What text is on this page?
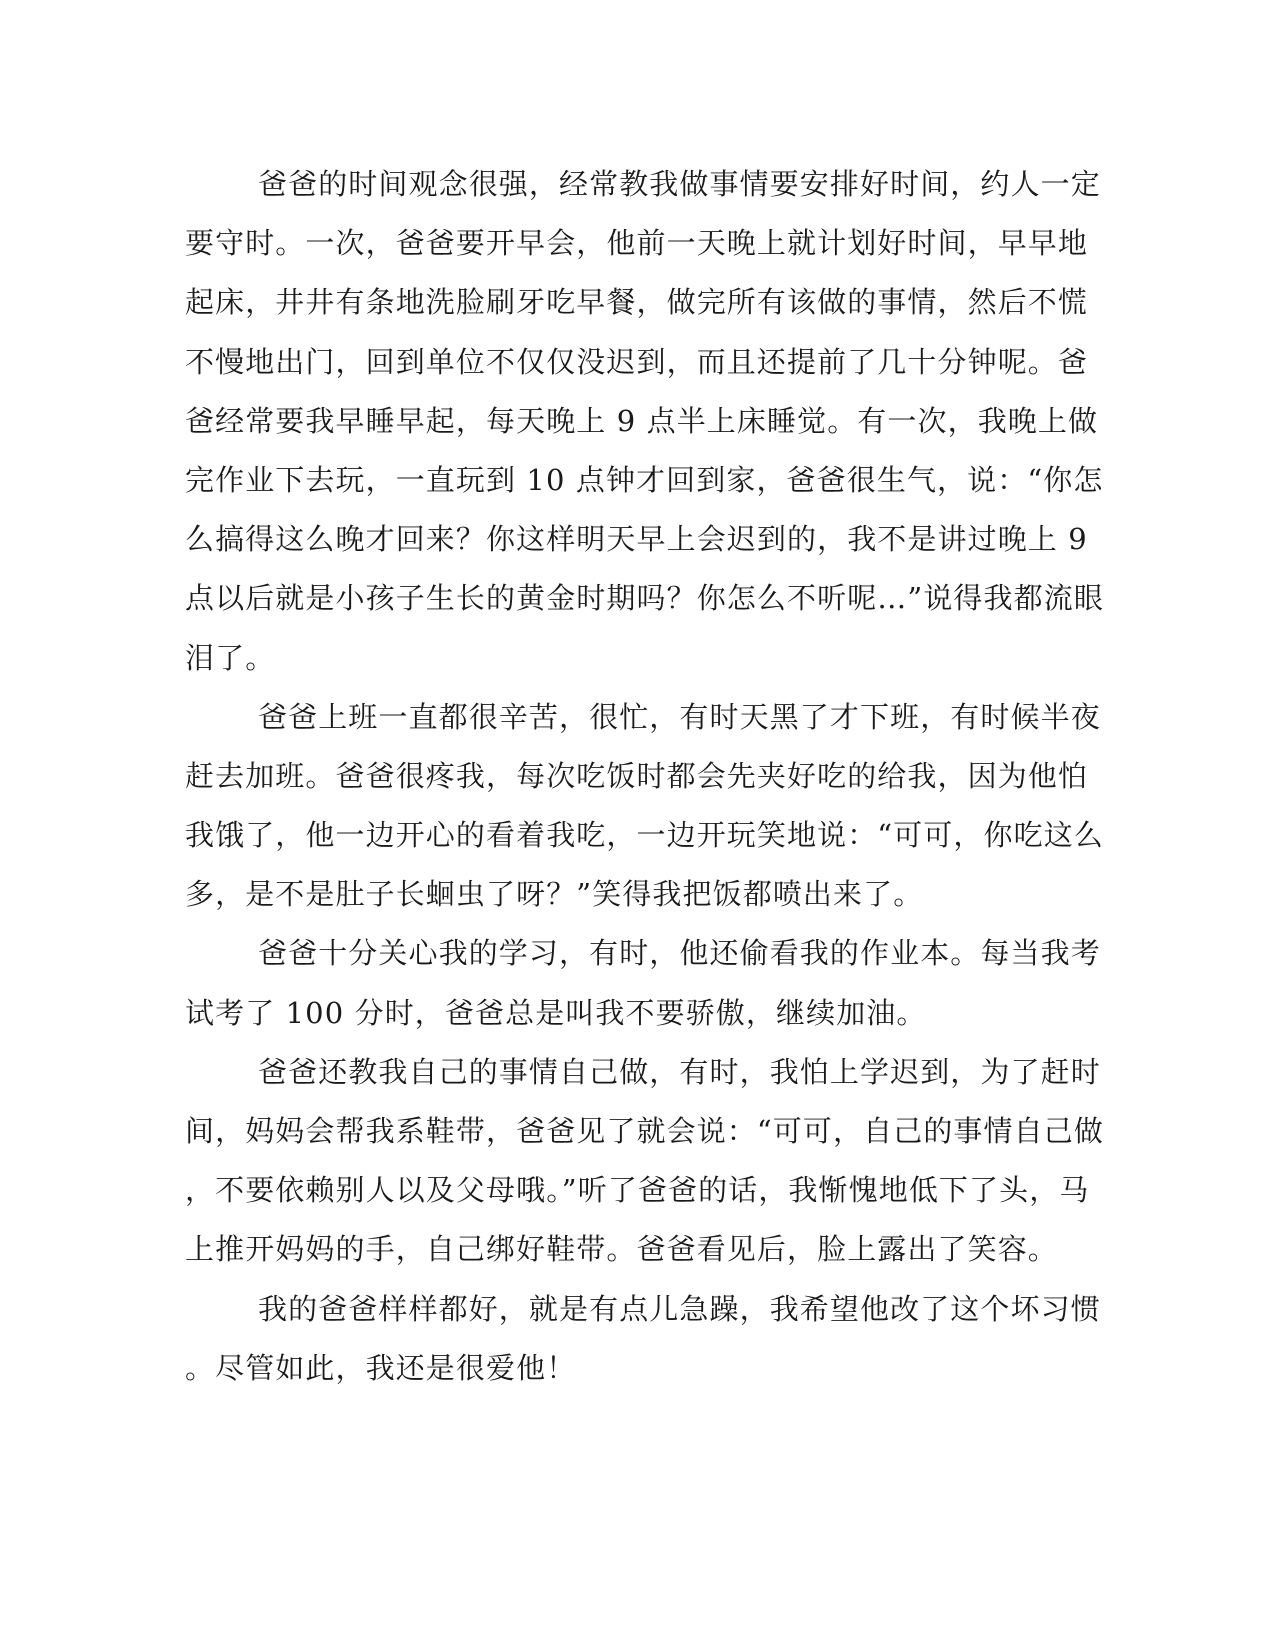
爸爸的时间观念很强，经常教我做事情要安排好时间，约人一定
要守时。一次，爸爸要开早会，他前一天晚上就计划好时间，早早地
起床，井井有条地洗脸刷牙吃早餐，做完所有该做的事情，然后不慌
不慢地出门，回到单位不仅仅没迟到，而且还提前了几十分钟呢。爸
爸经常要我早睡早起，每天晚上 9 点半上床睡觉。有一次，我晚上做
完作业下去玩，一直玩到 10 点钟才回到家，爸爸很生气，说：“你怎
么搞得这么晚才回来？你这样明天早上会迟到的，我不是讲过晚上 9
点以后就是小孩子生长的黄金时期吗？你怎么不听呢…”说得我都流眼
泪了。
爸爸上班一直都很辛苦，很忙，有时天黑了才下班，有时候半夜
赶去加班。爸爸很疼我，每次吃饭时都会先夹好吃的给我，因为他怕
我饿了，他一边开心的看着我吃，一边开玩笑地说：“可可，你吃这么
多，是不是肚子长蛔虫了呀？”笑得我把饭都喷出来了。
爸爸十分关心我的学习，有时，他还偷看我的作业本。每当我考
试考了 100 分时，爸爸总是叫我不要骄傲，继续加油。
爸爸还教我自己的事情自己做，有时，我怕上学迟到，为了赶时
间，妈妈会帮我系鞋带，爸爸见了就会说：“可可，自己的事情自己做
，不要依赖别人以及父母哦。”听了爸爸的话，我惭愧地低下了头，马
上推开妈妈的手，自己绑好鞋带。爸爸看见后，脸上露出了笑容。
我的爸爸样样都好，就是有点儿急躁，我希望他改了这个坏习惯
。尽管如此，我还是很爱他！
